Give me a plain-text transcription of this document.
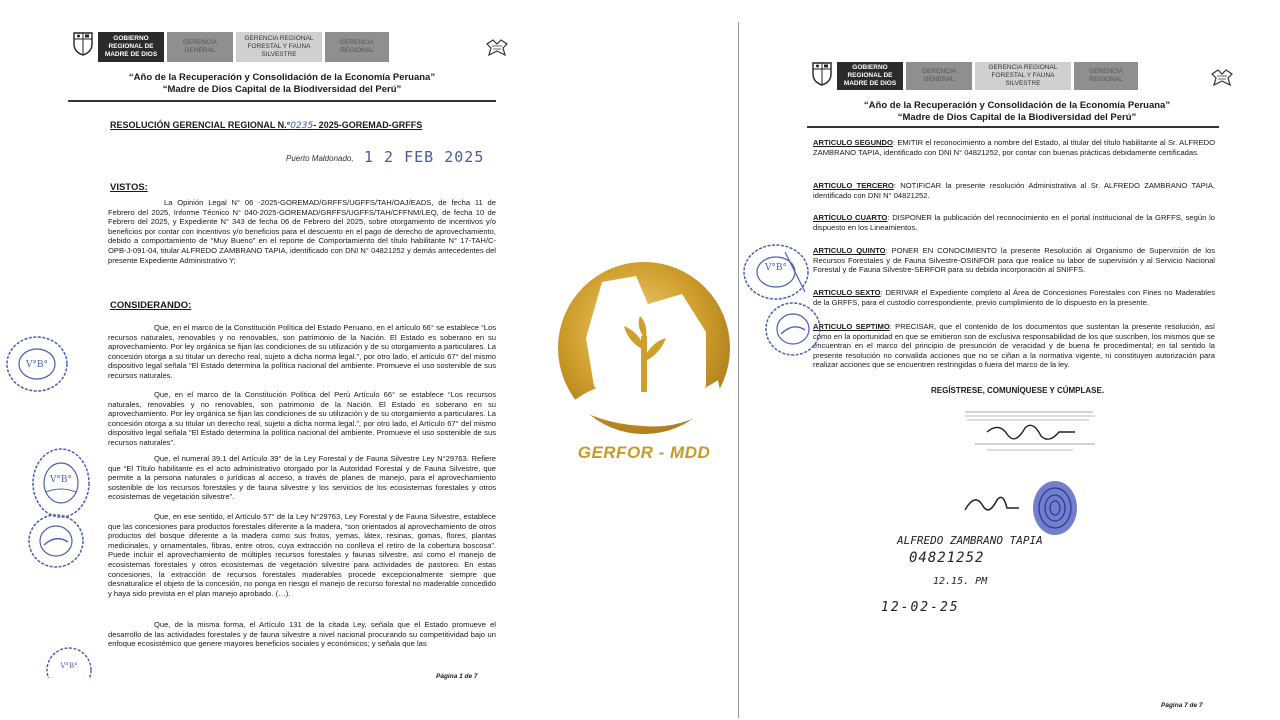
GOBIERNO REGIONAL DE MADRE DE DIOS
GERENCIA GENERAL
GERENCIA REGIONAL FORESTAL Y FAUNA SILVESTRE
GERENCIA REGIONAL
“Año de la Recuperación y Consolidación de la Economía Peruana”
“Madre de Dios Capital de la Biodiversidad del Perú”
RESOLUCIÓN GERENCIAL REGIONAL N.°0235- 2025-GOREMAD-GRFFS
Puerto Maldonado, 1 2 FEB 2025
VISTOS:
La Opinión Legal N° 06 -2025-GOREMAD/GRFFS/UGFFS/TAH/OAJ/EADS, de fecha 11 de Febrero del 2025, Informe Técnico N° 040-2025-GOREMAD/GRFFS/UGFFS/TAH/CFFNM/LEQ, de fecha 10 de Febrero del 2025, y Expediente N° 343 de fecha 06 de Febrero del 2025, sobre otorgamiento de incentivos y/o beneficios por contar con incentivos y/o beneficios para el descuento en el pago de derecho de aprovechamiento, debido a comportamiento de “Muy Bueno” en el reporte de Comportamiento del título habilitante N° 17-TAH/C-OPB-J-091-04, titular ALFREDO ZAMBRANO TAPIA, identificado con DNI N° 04821252 y demás antecedentes del presente Expediente Administrativo Y;
CONSIDERANDO:
Que, en el marco de la Constitución Política del Estado Peruano, en el artículo 66° se establece “Los recursos naturales, renovables y no renovables, son patrimonio de la Nación. El Estado es soberano en su aprovechamiento. Por ley orgánica se fijan las condiciones de su utilización y de su otorgamiento a particulares. La concesión otorga a su titular un derecho real, sujeto a dicha norma legal.”, por otro lado, el artículo 67° del mismo dispositivo legal señala “El Estado determina la política nacional del ambiente. Promueve el uso sostenible de sus recursos naturales.
Que, en el marco de la Constitución Política del Perú Artículo 66° se establece “Los recursos naturales, renovables y no renovables, son patrimonio de la Nación. El Estado es soberano en su aprovechamiento. Por ley orgánica se fijan las condiciones de su utilización y de su otorgamiento a particulares. La concesión otorga a su titular un derecho real, sujeto a dicha norma legal.”, por otro lado, el Artículo 67° del mismo dispositivo legal señala “El Estado determina la política nacional del ambiente. Promueve el uso sostenible de sus recursos naturales”.
Que, el numeral 39.1 del Artículo 39° de la Ley Forestal y de Fauna Silvestre Ley N°29763. Refiere que “El Título habilitante es el acto administrativo otorgado por la Autoridad Forestal y de Fauna Silvestre, que permite a la persona naturales o jurídicas al acceso, a través de planes de manejo, para el aprovechamiento sostenible de los recursos forestales y de fauna silvestre y los servicios de los ecosistemas forestales y otros ecosistemas de vegetación silvestre”.
Que, en ese sentido, el Artículo 57° de la Ley N°29763, Ley Forestal y de Fauna Silvestre, establece que las concesiones para productos forestales diferente a la madera, “son orientados al aprovechamiento de otros productos del bosque diferente a la madera como sus frutos, yemas, látex, resinas, gomas, flores, plantas medicinales, y ornamentales, fibras, entre otros, cuya extracción no conlleva el retiro de la cobertura boscosa”. Puede incluir el aprovechamiento de múltiples recursos forestales y faunas silvestre, así como el manejo de ecosistemas forestales y otros ecosistemas de vegetación silvestre para actividades de pastoreo. En estas concesiones, la extracción de recursos forestales maderables procede excepcionalmente siempre que desnaturalice el objeto de la concesión, no ponga en riesgo el manejo de recurso forestal no maderable concedido y haya sido prevista en el plan manejo aprobado. (…).
Que, de la misma forma, el Artículo 131 de la citada Ley, señala que el Estado promueve el desarrollo de las actividades forestales y de fauna silvestre a nivel nacional procurando su competitividad bajo un enfoque ecosistémico que genere mayores beneficios sociales y económicos; y señala que las
Página 1 de 7
V°B°
V°B°
V°B°
GERFOR - MDD
GOBIERNO REGIONAL DE MADRE DE DIOS
GERENCIA GENERAL
GERENCIA REGIONAL FORESTAL Y FAUNA SILVESTRE
GERENCIA REGIONAL
“Año de la Recuperación y Consolidación de la Economía Peruana”
“Madre de Dios Capital de la Biodiversidad del Perú”
ARTICULO SEGUNDO: EMITIR el reconocimiento a nombre del Estado, al titular del título habilitante al Sr. ALFREDO ZAMBRANO TAPIA, identificado con DNI N° 04821252, por contar con buenas prácticas debidamente certificadas.
ARTICULO TERCERO: NOTIFICAR la presente resolución Administrativa al Sr. ALFREDO ZAMBRANO TAPIA, identificado con DNI N° 04821252.
ARTÍCULO CUARTO: DISPONER la publicación del reconocimiento en el portal institucional de la GRFFS, según lo dispuesto en los Lineamientos.
ARTICULO QUINTO: PONER EN CONOCIMIENTO la presente Resolución al Organismo de Supervisión de los Recursos Forestales y de Fauna Silvestre-OSINFOR para que realice su labor de supervisión y al Servicio Nacional Forestal y de Fauna Silvestre-SERFOR para su debida incorporación al SNIFFS.
ARTICULO SEXTO: DERIVAR el Expediente completo al Área de Concesiones Forestales con Fines no Maderables de la GRFFS, para el custodio correspondiente, previo cumplimiento de lo dispuesto en la presente.
ARTICULO SEPTIMO: PRECISAR, que el contenido de los documentos que sustentan la presente resolución, así como en la oportunidad en que se emitieron son de exclusiva responsabilidad de los que suscriben, los mismos que se encuentran en el marco del principio de presunción de veracidad y de buena fe procedimental; en tal sentido la presente resolución no convalida acciones que no se ciñan a la normativa vigente, ni constituyen autorización para realizar acciones que se encuentren restringidas o fuera del marco de la ley.
REGÍSTRESE, COMUNÍQUESE Y CÚMPLASE.
V°B°
ALFREDO ZAMBRANO TAPIA
04821252
12.15. PM
12-02-25
Página 7 de 7
